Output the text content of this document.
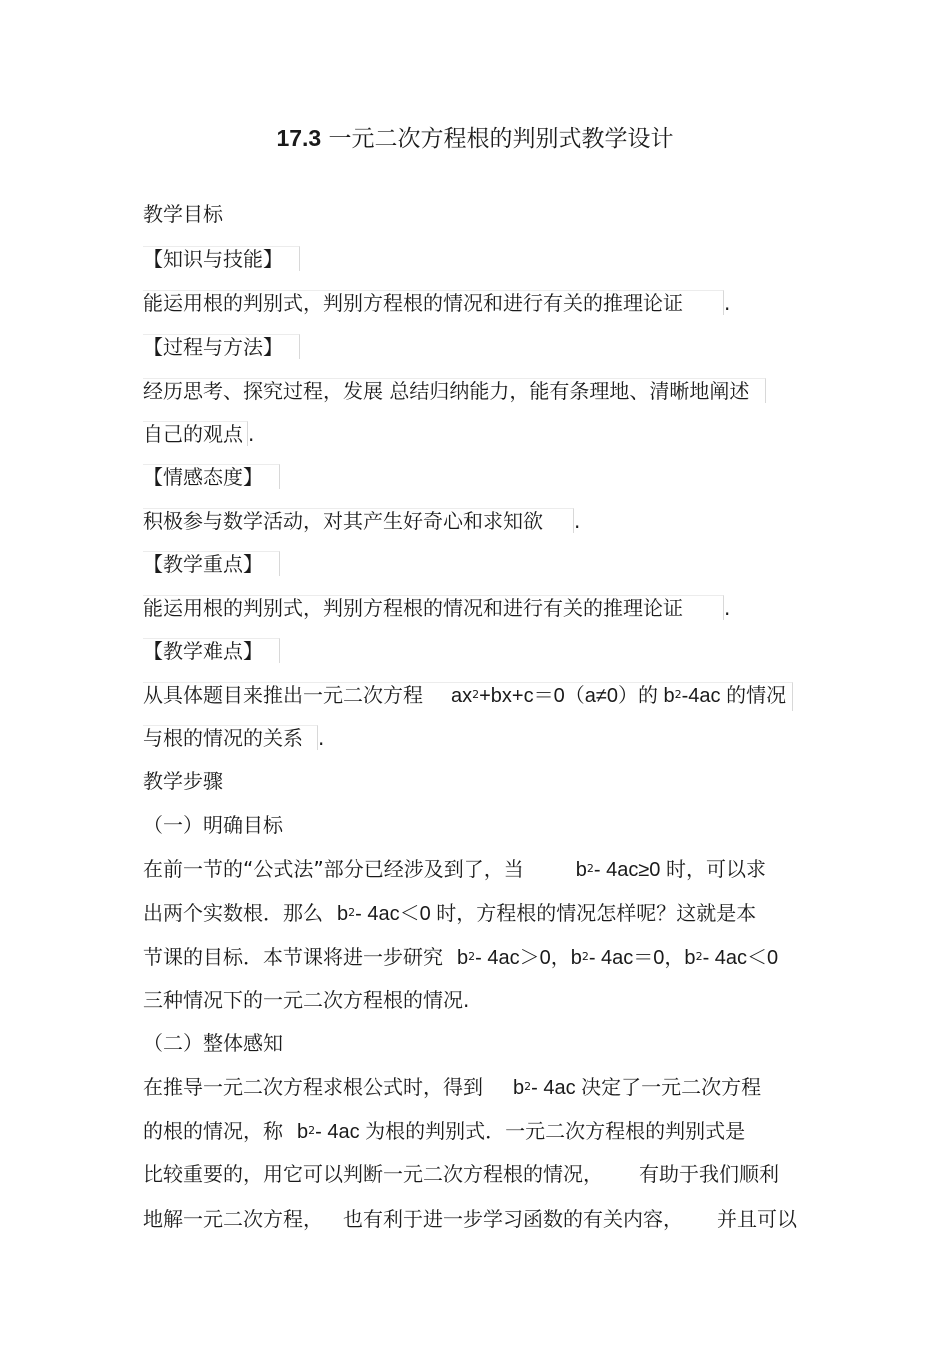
17.3 一元二次方程根的判别式教学设计
教学目标
【知识与技能】
能运用根的判别式，判别方程根的情况和进行有关的推理论证 .
【过程与方法】
经历思考、探究过程，发展 总结归纳能力，能有条理地、清晰地阐述
自己的观点 .
【情感态度】
积极参与数学活动，对其产生好奇心和求知欲 .
【教学重点】
能运用根的判别式，判别方程根的情况和进行有关的推理论证 .
【教学难点】
从具体题目来推出一元二次方程 $ax^2+bx+c=0(a\ne 0)$的 $b^2-4ac$ 的情况
与根的情况的关系 .
教学步骤
（一）明确目标
在前一节的“公式法”部分已经涉及到了，当	$b^2-$ 4ac≥0 时，可以求
出两个实数根．那么 $b^2-$ 4ac＜0 时，方程根的情况怎样呢？这就是本
节课的目标．本节课将进一步研究 $b^2-$ 4ac＞0，$b^2-$ 4ac＝0，$b^2-$ 4ac＜0
三种情况下的一元二次方程根的情况.
（二）整体感知
在推导一元二次方程求根公式时，得到 $b^2-$ 4ac 决定了一元二次方程
的根的情况，称 $b^2-$ 4ac 为根的判别式．一元二次方程根的判别式是
比较重要的，用它可以判断一元二次方程根的情况， 有助于我们顺利
地解一元二次方程， 也有利于进一步学习函数的有关内容， 并且可以
